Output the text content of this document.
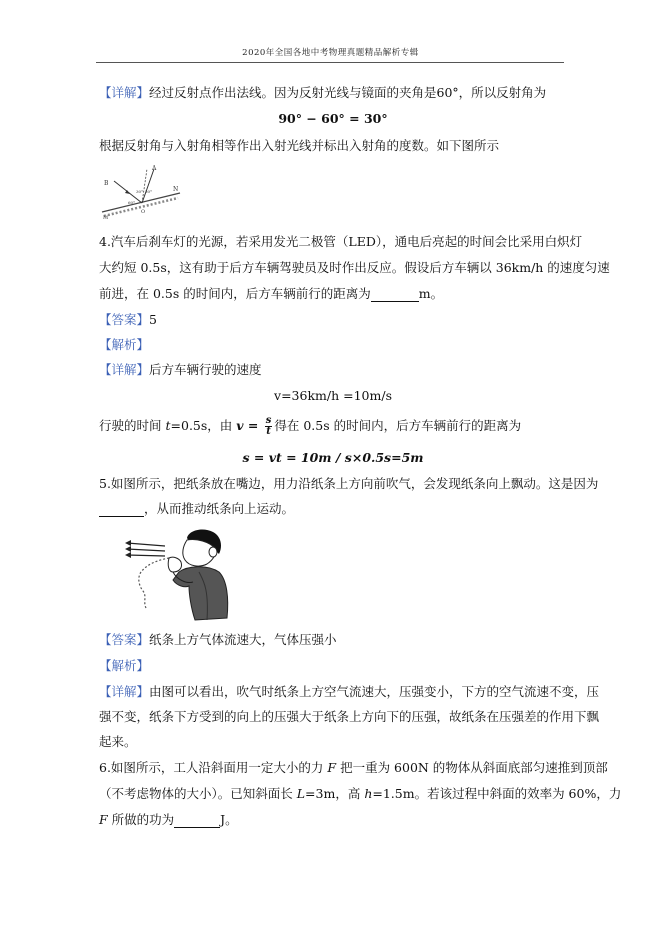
2020年全国各地中考物理真题精品解析专辑
【详解】经过反射点作出法线。因为反射光线与镜面的夹角是60°，所以反射角为
90° − 60° = 30°
根据反射角与入射角相等作出入射光线并标出入射角的度数。如下图所示
B
A
N
O
M
30° 30°
60°
4.汽车后刹车灯的光源，若采用发光二极管（LED），通电后亮起的时间会比采用白炽灯
大约短 0.5s，这有助于后方车辆驾驶员及时作出反应。假设后方车辆以 36km/h 的速度匀速
前进，在 0.5s 的时间内，后方车辆前行的距离为	m。
【答案】5
【解析】
【详解】后方车辆行驶的速度
v=36km/h =10m/s
行驶的时间 t=0.5s，由 $v = \frac{s}{t}$ 得在 0.5s 的时间内，后方车辆前行的距离为
s = vt = 10m / s×0.5s=5m
5.如图所示，把纸条放在嘴边，用力沿纸条上方向前吹气，会发现纸条向上飘动。这是因为
，从而推动纸条向上运动。
【答案】纸条上方气体流速大，气体压强小
【解析】
【详解】由图可以看出，吹气时纸条上方空气流速大，压强变小，下方的空气流速不变，压
强不变，纸条下方受到的向上的压强大于纸条上方向下的压强，故纸条在压强差的作用下飘
起来。
6.如图所示，工人沿斜面用一定大小的力 F 把一重为 600N 的物体从斜面底部匀速推到顶部
（不考虑物体的大小）。已知斜面长 L=3m，高 h=1.5m。若该过程中斜面的效率为 60%，力
F 所做的功为	J。
